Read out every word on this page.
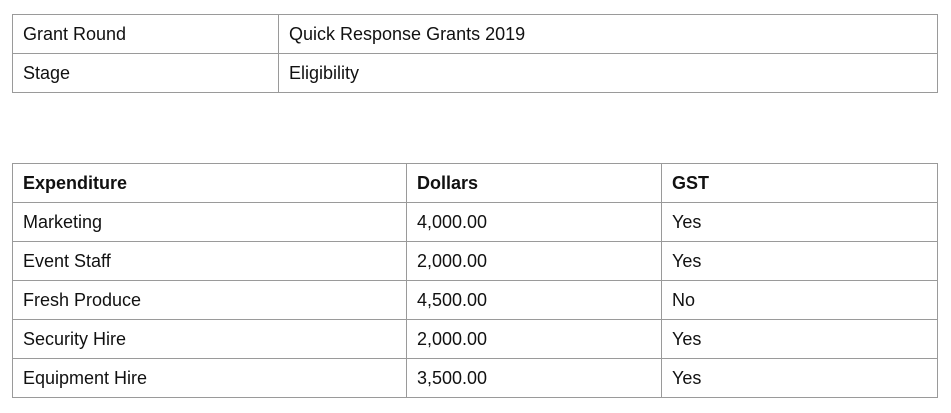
Grant Round	Quick Response Grants 2019
Stage	Eligibility
Expenditure	Dollars	GST
Marketing	4,000.00	Yes
Event Staff	2,000.00	Yes
Fresh Produce	4,500.00	No
Security Hire	2,000.00	Yes
Equipment Hire	3,500.00	Yes
